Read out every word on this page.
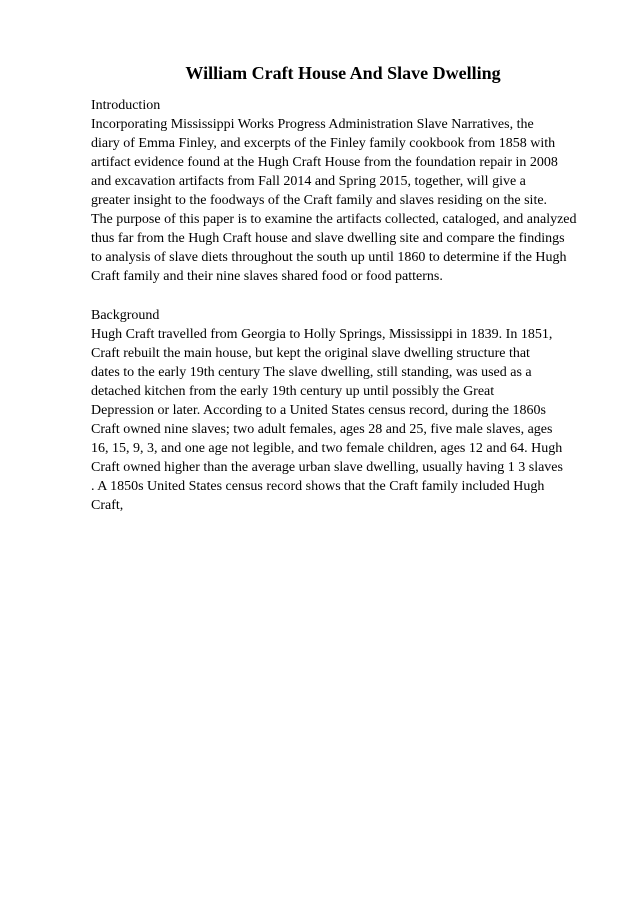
William Craft House And Slave Dwelling
Introduction
Incorporating Mississippi Works Progress Administration Slave Narratives, the
diary of Emma Finley, and excerpts of the Finley family cookbook from 1858 with
artifact evidence found at the Hugh Craft House from the foundation repair in 2008
and excavation artifacts from Fall 2014 and Spring 2015, together, will give a
greater insight to the foodways of the Craft family and slaves residing on the site.
The purpose of this paper is to examine the artifacts collected, cataloged, and analyzed
thus far from the Hugh Craft house and slave dwelling site and compare the findings
to analysis of slave diets throughout the south up until 1860 to determine if the Hugh
Craft family and their nine slaves shared food or food patterns.
Background
Hugh Craft travelled from Georgia to Holly Springs, Mississippi in 1839. In 1851,
Craft rebuilt the main house, but kept the original slave dwelling structure that
dates to the early 19th century The slave dwelling, still standing, was used as a
detached kitchen from the early 19th century up until possibly the Great
Depression or later. According to a United States census record, during the 1860s
Craft owned nine slaves; two adult females, ages 28 and 25, five male slaves, ages
16, 15, 9, 3, and one age not legible, and two female children, ages 12 and 64. Hugh
Craft owned higher than the average urban slave dwelling, usually having 1 3 slaves
. A 1850s United States census record shows that the Craft family included Hugh
Craft,
